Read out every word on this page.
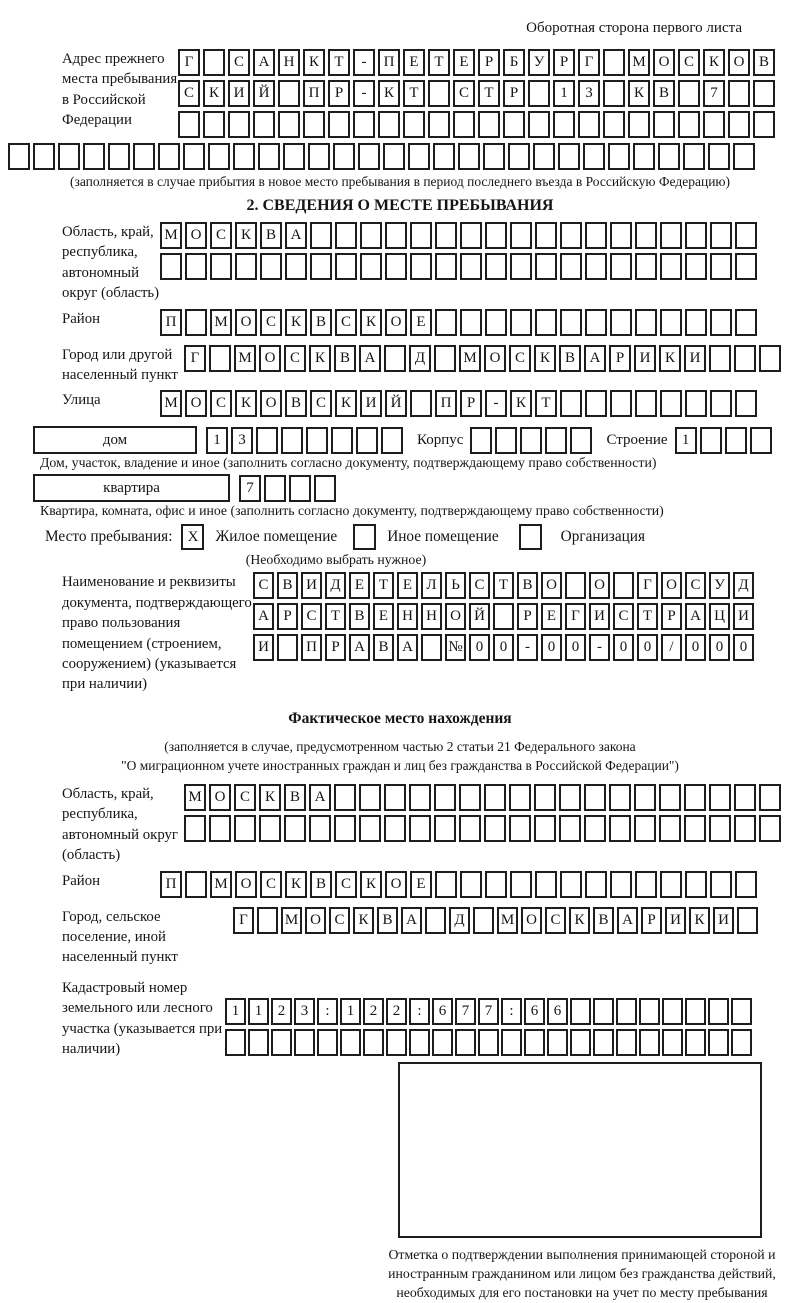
Оборотная сторона первого листа
Адрес прежнего места пребывания в Российской Федерации
Г	С А Н К	Т	-	П Е	Т	Е	Р	Б	У	Р	Г	М О С К О В
С К И Й	П	Р	-	К	Т	С	Т	Р	1	3	К В	7
(заполняется в случае прибытия в новое место пребывания в период последнего въезда в Российскую Федерацию)
2. СВЕДЕНИЯ О МЕСТЕ ПРЕБЫВАНИЯ
Область, край, республика, автономный округ (область)
М О С К В А
Район	П	М О С К В С К О Е
Город или другой населенный пункт
Г	М О С К В А	Д	М О С К В А	Р	И К И
Улица	М О С К О В С К И Й	П	Р	-	К	Т
дом	1	3	Корпус	Строение 1
Дом, участок, владение и иное (заполнить согласно документу, подтверждающему право собственности)
квартира	7
Квартира, комната, офис и иное (заполнить согласно документу, подтверждающему право собственности)
Место пребывания:	X	Жилое помещение	Иное помещение	Организация
(Необходимо выбрать нужное)
Наименование и реквизиты документа, подтверждающего право пользования помещением (строением, сооружением) (указывается при наличии)
С В И Д Е Т Е Л Ь С Т В О	О	Г О С У Д
А Р С Т В Е Н Н О Й	Р	Е	Г И С Т	Р А Ц И
И	П Р А В А	№ 0	0	-	0	0	-	0	0	/	0	0	0
Фактическое место нахождения
(заполняется в случае, предусмотренном частью 2 статьи 21 Федерального закона
"О миграционном учете иностранных граждан и лиц без гражданства в Российской Федерации")
Область, край, республика, автономный округ (область)
М О С К В А
Район	П	М О С К В С К О Е
Город, сельское поселение, иной населенный пункт
Г	М О С К В А	Д	М О С К В А Р И К И
Кадастровый номер земельного или лесного участка (указывается при наличии)
1	1	2	3	:	1	2	2	:	6	7	7	:	6	6
Отметка о подтверждении выполнения принимающей стороной и иностранным гражданином или лицом без гражданства действий, необходимых для его постановки на учет по месту пребывания
